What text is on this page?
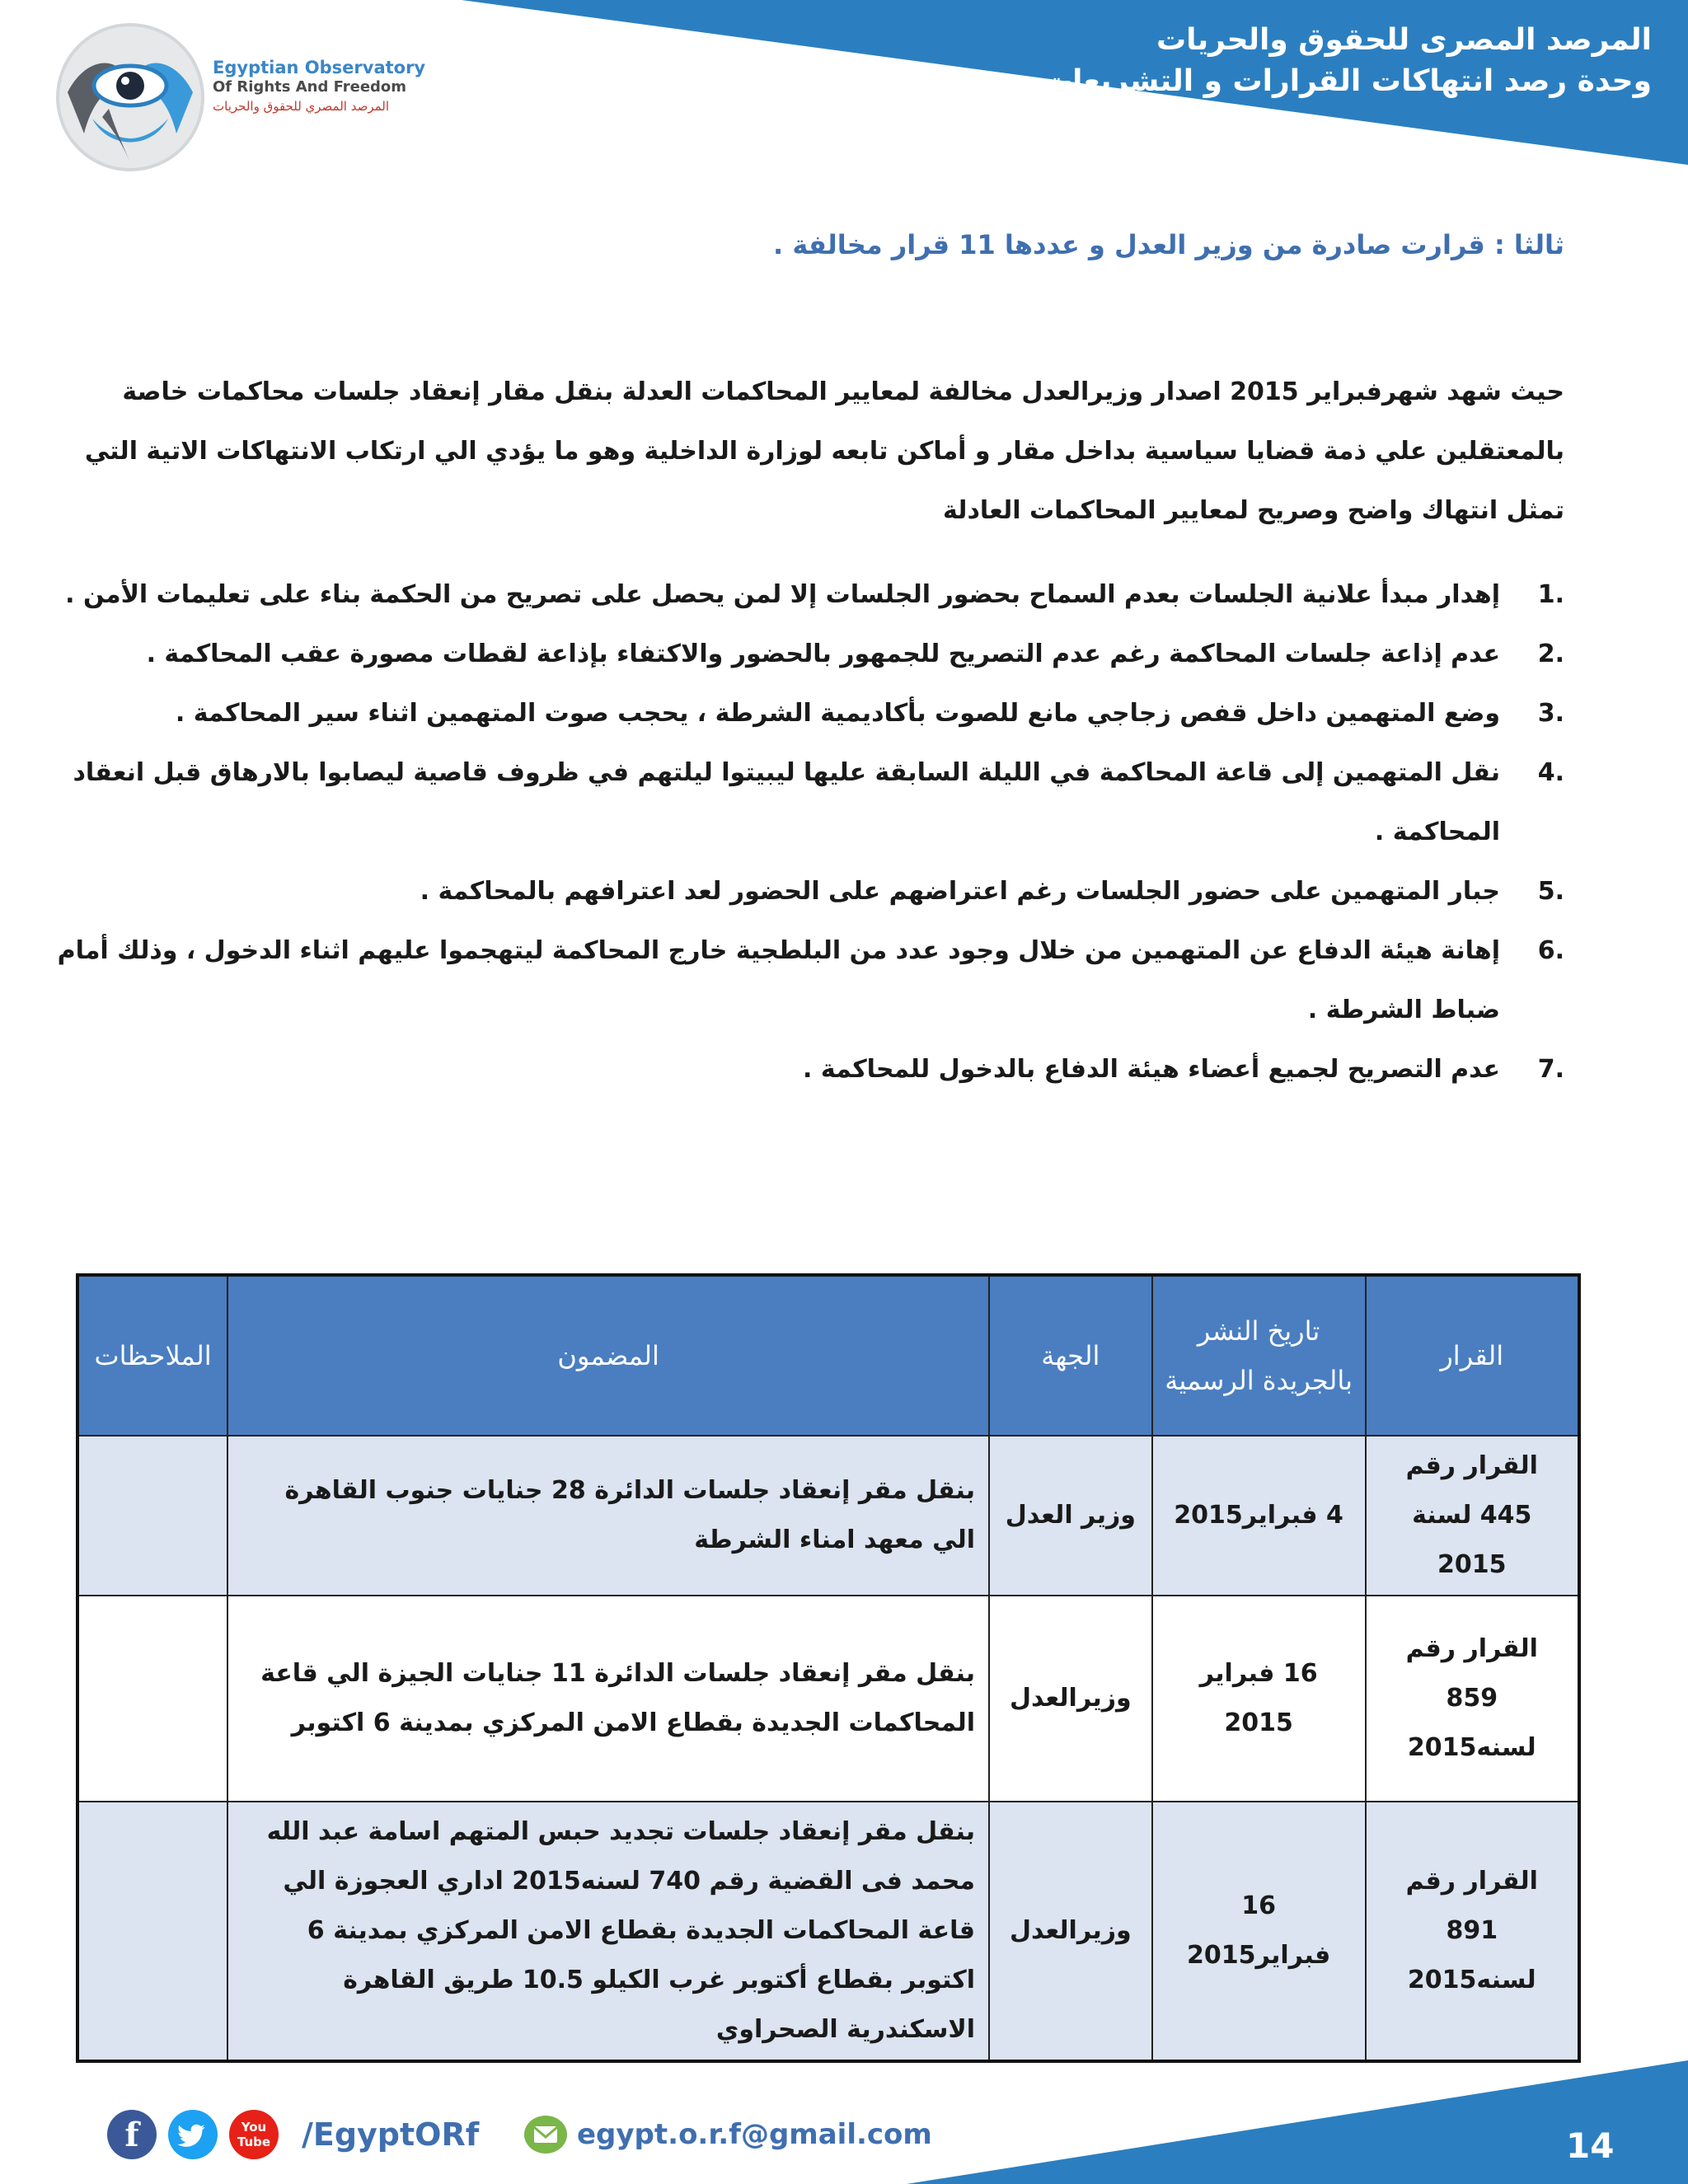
Egyptian Observatory
Of Rights And Freedom
المرصد المصري للحقوق والحريات
المرصد المصرى للحقوق والحريات
وحدة رصد انتهاكات القرارات و التشريعات
ثالثا : قرارت صادرة من وزير العدل و عددها 11 قرار مخالفة .
حيث شهد شهرفبراير 2015 اصدار وزيرالعدل مخالفة لمعايير المحاكمات العدلة بنقل مقار إنعقاد جلسات محاكمات خاصة بالمعتقلين علي ذمة قضايا سياسية بداخل مقار و أماكن تابعه لوزارة الداخلية وهو ما يؤدي الي ارتكاب الانتهاكات الاتية التي تمثل انتهاك واضح وصريح لمعايير المحاكمات العادلة
1.
إهدار مبدأ علانية الجلسات بعدم السماح بحضور الجلسات إلا لمن يحصل على تصريح من الحكمة بناء على تعليمات الأمن .
2.
عدم إذاعة جلسات المحاكمة رغم عدم التصريح للجمهور بالحضور والاكتفاء بإذاعة لقطات مصورة عقب المحاكمة .
3.
وضع المتهمين داخل قفص زجاجي مانع للصوت بأكاديمية الشرطة ، يحجب صوت المتهمين اثناء سير المحاكمة .
4.
نقل المتهمين إلى قاعة المحاكمة في الليلة السابقة عليها ليبيتوا ليلتهم في ظروف قاصية ليصابوا بالارهاق قبل انعقاد المحاكمة .
5.
جبار المتهمين على حضور الجلسات رغم اعتراضهم على الحضور لعد اعترافهم بالمحاكمة .
6.
إهانة هيئة الدفاع عن المتهمين من خلال وجود عدد من البلطجية خارج المحاكمة ليتهجموا عليهم اثناء الدخول ، وذلك أمام ضباط الشرطة .
7.
عدم التصريح لجميع أعضاء هيئة الدفاع بالدخول للمحاكمة .
القرار	تاريخ النشر بالجريدة الرسمية	الجهة	المضمون	الملاحظات
القرار رقم 445 لسنة 2015	4 فبراير2015	وزير العدل	بنقل مقر إنعقاد جلسات الدائرة 28 جنايات جنوب القاهرة الي معهد امناء الشرطة	
القرار رقم 859 لسنه2015	16 فبراير 2015	وزيرالعدل	بنقل مقر إنعقاد جلسات الدائرة 11 جنايات الجيزة الي قاعة المحاكمات الجديدة بقطاع الامن المركزي بمدينة 6 اكتوبر	
القرار رقم 891 لسنه2015	16 فبراير2015	وزيرالعدل	بنقل مقر إنعقاد جلسات تجديد حبس المتهم اسامة عبد الله محمد فى القضية رقم 740 لسنه2015 اداري العجوزة الي قاعة المحاكمات الجديدة بقطاع الامن المركزي بمدينة 6 اكتوبر بقطاع أكتوبر غرب الكيلو 10.5 طريق القاهرة الاسكندرية الصحراوي	
f	You Tube /EgyptORf	egypt.o.r.f@gmail.com	14
